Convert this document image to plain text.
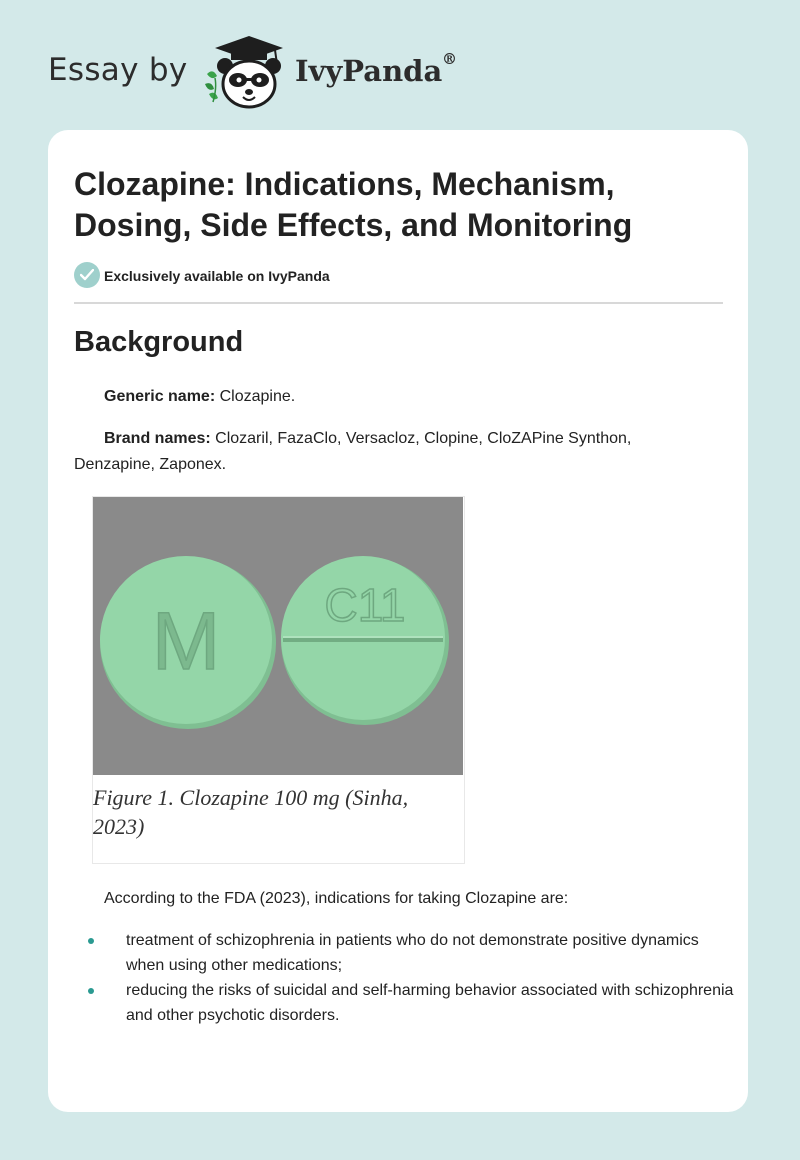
Essay by	IvyPanda ®
Clozapine: Indications, Mechanism, Dosing, Side Effects, and Monitoring
Exclusively available on IvyPanda
Background

Generic name: Clozapine.

Brand names: Clozaril, FazaClo, Versacloz, Clopine, CloZAPine Synthon, Denzapine, Zaponex.

M C11
Figure 1. Clozapine 100 mg (Sinha, 2023)

According to the FDA (2023), indications for taking Clozapine are:

treatment of schizophrenia in patients who do not demonstrate positive dynamics when using other medications;
reducing the risks of suicidal and self-harming behavior associated with schizophrenia and other psychotic disorders.
